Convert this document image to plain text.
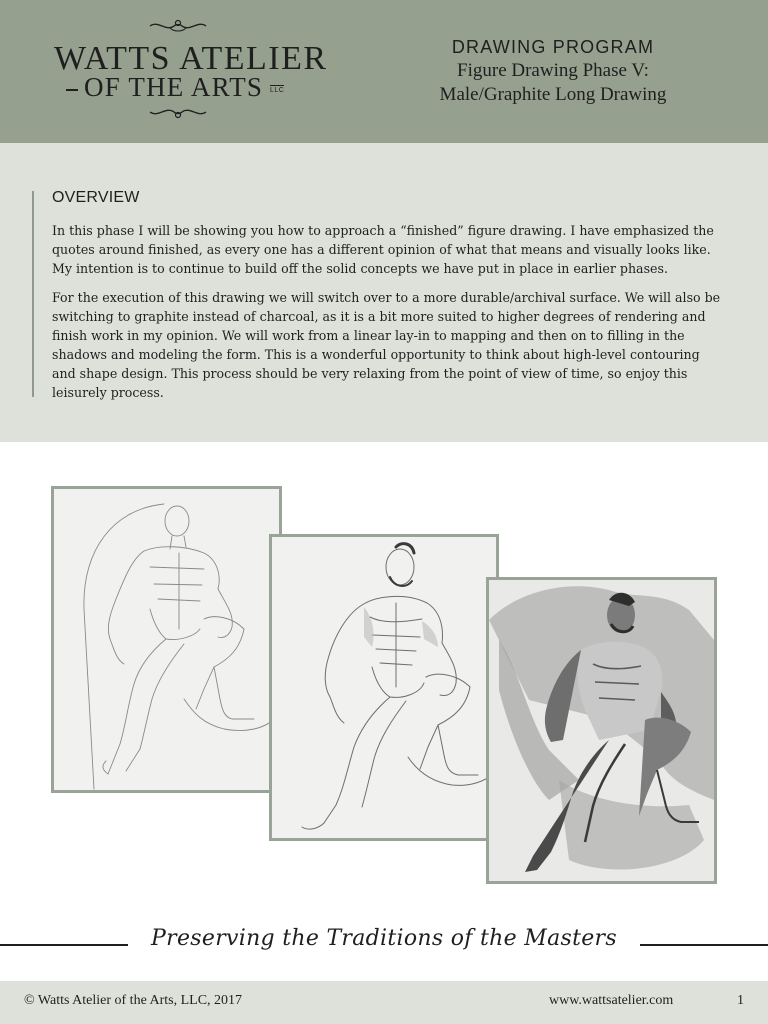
WATTS ATELIER
OF THE ARTS LLC
DRAWING PROGRAM
Figure Drawing Phase V:
Male/Graphite Long Drawing
OVERVIEW

In this phase I will be showing you how to approach a “finished” figure drawing. I have emphasized the quotes around finished, as every one has a different opinion of what that means and visually looks like. My intention is to continue to build off the solid concepts we have put in place in earlier phases.

For the execution of this drawing we will switch over to a more durable/archival surface. We will also be switching to graphite instead of charcoal, as it is a bit more suited to higher degrees of rendering and finish work in my opinion. We will work from a linear lay-in to mapping and then on to filling in the shadows and modeling the form. This is a wonderful opportunity to think about high-level contouring and shape design. This process should be very relaxing from the point of view of time, so enjoy this leisurely process.

Preserving the Traditions of the Masters
© Watts Atelier of the Arts, LLC, 2017	www.wattsatelier.com	1
